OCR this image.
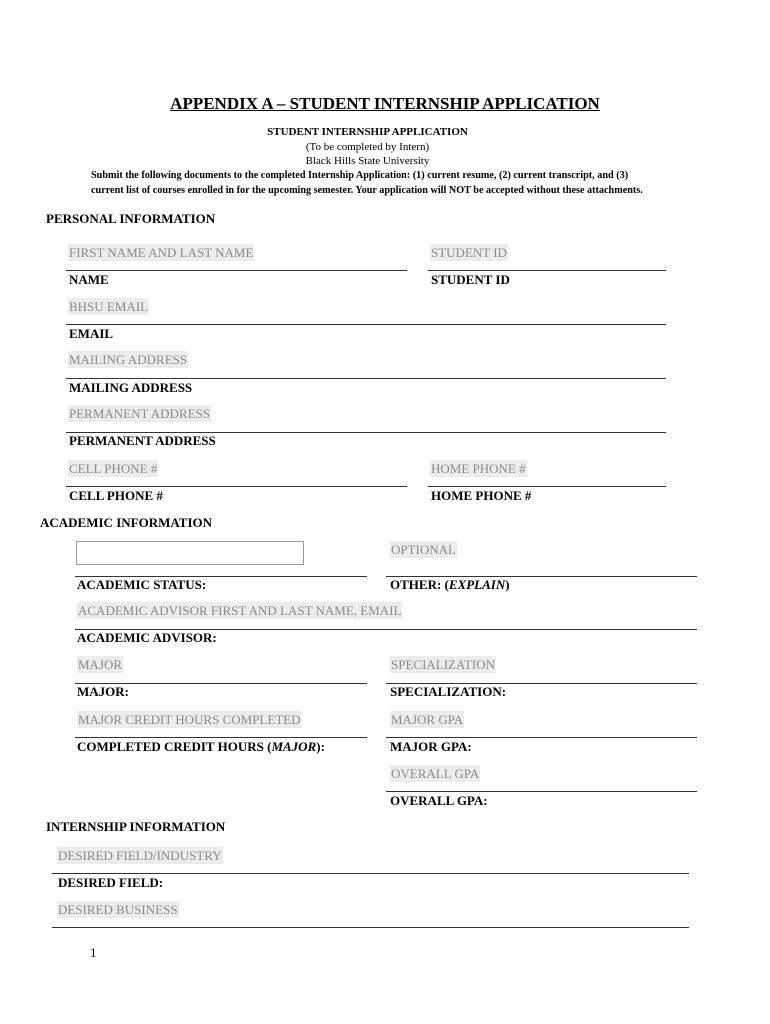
APPENDIX A – STUDENT INTERNSHIP APPLICATION
STUDENT INTERNSHIP APPLICATION
(To be completed by Intern)
Black Hills State University
Submit the following documents to the completed Internship Application: (1) current resume, (2) current transcript, and (3) current list of courses enrolled in for the upcoming semester. Your application will NOT be accepted without these attachments.
PERSONAL INFORMATION
FIRST NAME AND LAST NAME
NAME
STUDENT ID
STUDENT ID
BHSU EMAIL
EMAIL
MAILING ADDRESS
MAILING ADDRESS
PERMANENT ADDRESS
PERMANENT ADDRESS
CELL PHONE #
CELL PHONE #
HOME PHONE #
HOME PHONE #
ACADEMIC INFORMATION
ACADEMIC STATUS:
OPTIONAL
OTHER: (EXPLAIN)
ACADEMIC ADVISOR FIRST AND LAST NAME, EMAIL
ACADEMIC ADVISOR:
MAJOR
MAJOR:
SPECIALIZATION
SPECIALIZATION:
MAJOR CREDIT HOURS COMPLETED
COMPLETED CREDIT HOURS (MAJOR):
MAJOR GPA
MAJOR GPA:
OVERALL GPA
OVERALL GPA:
INTERNSHIP INFORMATION
DESIRED FIELD/INDUSTRY
DESIRED FIELD:
DESIRED BUSINESS
1
